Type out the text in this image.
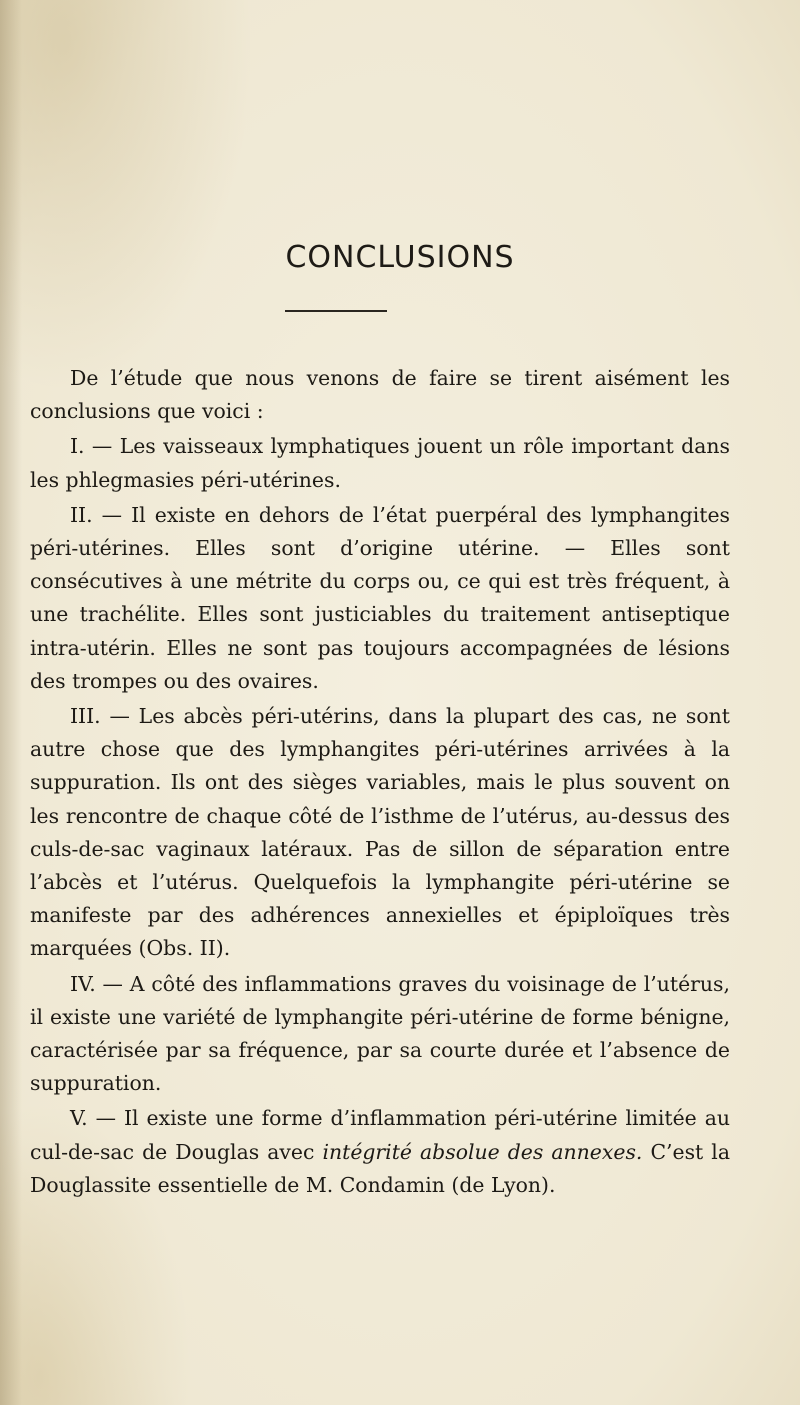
CONCLUSIONS

De l’étude que nous venons de faire se tirent aisément les conclusions que voici :

I. — Les vaisseaux lymphatiques jouent un rôle important dans les phlegmasies péri-utérines.

II. — Il existe en dehors de l’état puerpéral des lymphangites péri-utérines. Elles sont d’origine utérine. — Elles sont consécutives à une métrite du corps ou, ce qui est très fréquent, à une trachélite. Elles sont justiciables du traitement antiseptique intra-utérin. Elles ne sont pas toujours accompagnées de lésions des trompes ou des ovaires.

III. — Les abcès péri-utérins, dans la plupart des cas, ne sont autre chose que des lymphangites péri-utérines arrivées à la suppuration. Ils ont des sièges variables, mais le plus souvent on les rencontre de chaque côté de l’isthme de l’utérus, au-dessus des culs-de-sac vaginaux latéraux. Pas de sillon de séparation entre l’abcès et l’utérus. Quelquefois la lymphangite péri-utérine se manifeste par des adhérences annexielles et épiploïques très marquées (Obs. II).

IV. — A côté des inflammations graves du voisinage de l’utérus, il existe une variété de lymphangite péri-utérine de forme bénigne, caractérisée par sa fréquence, par sa courte durée et l’absence de suppuration.

V. — Il existe une forme d’inflammation péri-utérine limitée au cul-de-sac de Douglas avec intégrité absolue des annexes. C’est la Douglassite essentielle de M. Condamin (de Lyon).
